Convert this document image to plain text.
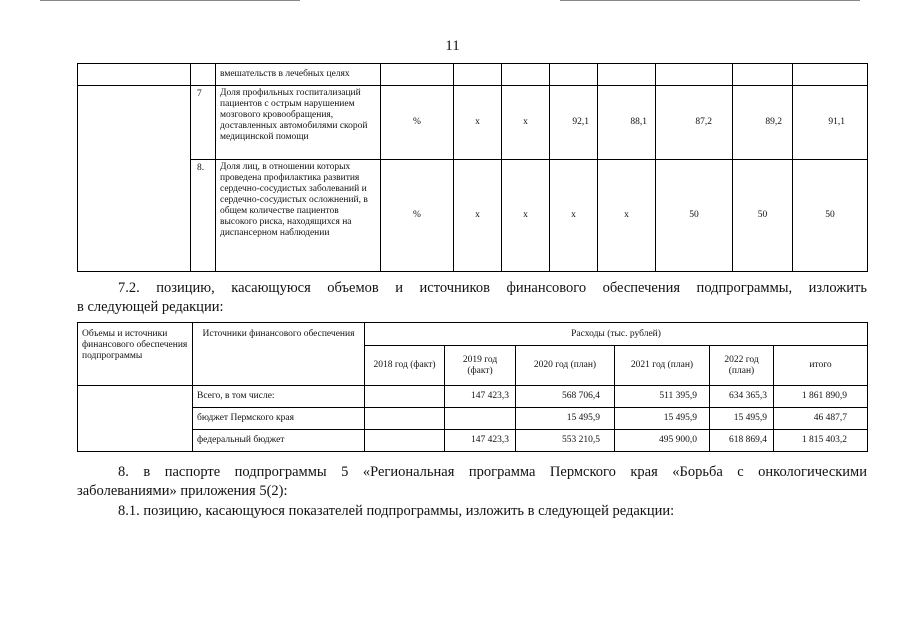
11
		вмешательств в лечебных целях								
	7	Доля профильных госпитализаций пациентов с острым нарушением мозгового кровообращения, доставленных автомобилями скорой медицинской помощи	%	х	х	92,1	88,1	87,2	89,2	91,1
	8.	Доля лиц, в отношении которых проведена профилактика развития сердечно-сосудистых заболеваний и сердечно-сосудистых осложнений, в общем количестве пациентов высокого риска, находящихся на диспансерном наблюдении	%	х	х	х	х	50	50	50
7.2. позицию, касающуюся объемов и источников финансового обеспечения подпрограммы, изложить
в следующей редакции:
Объемы и источники финансового обеспечения подпрограммы	Источники финансового обеспечения	Расходы (тыс. рублей)					
		2018 год (факт)	2019 год (факт)	2020 год (план)	2021 год (план)	2022 год (план)	итого
	Всего, в том числе:		147 423,3	568 706,4	511 395,9	634 365,3	1 861 890,9
	бюджет Пермского края			15 495,9	15 495,9	15 495,9	46 487,7
	федеральный бюджет		147 423,3	553 210,5	495 900,0	618 869,4	1 815 403,2
8. в паспорте подпрограммы 5 «Региональная программа Пермского края «Борьба с онкологическими
заболеваниями» приложения 5(2):
8.1. позицию, касающуюся показателей подпрограммы, изложить в следующей редакции:
